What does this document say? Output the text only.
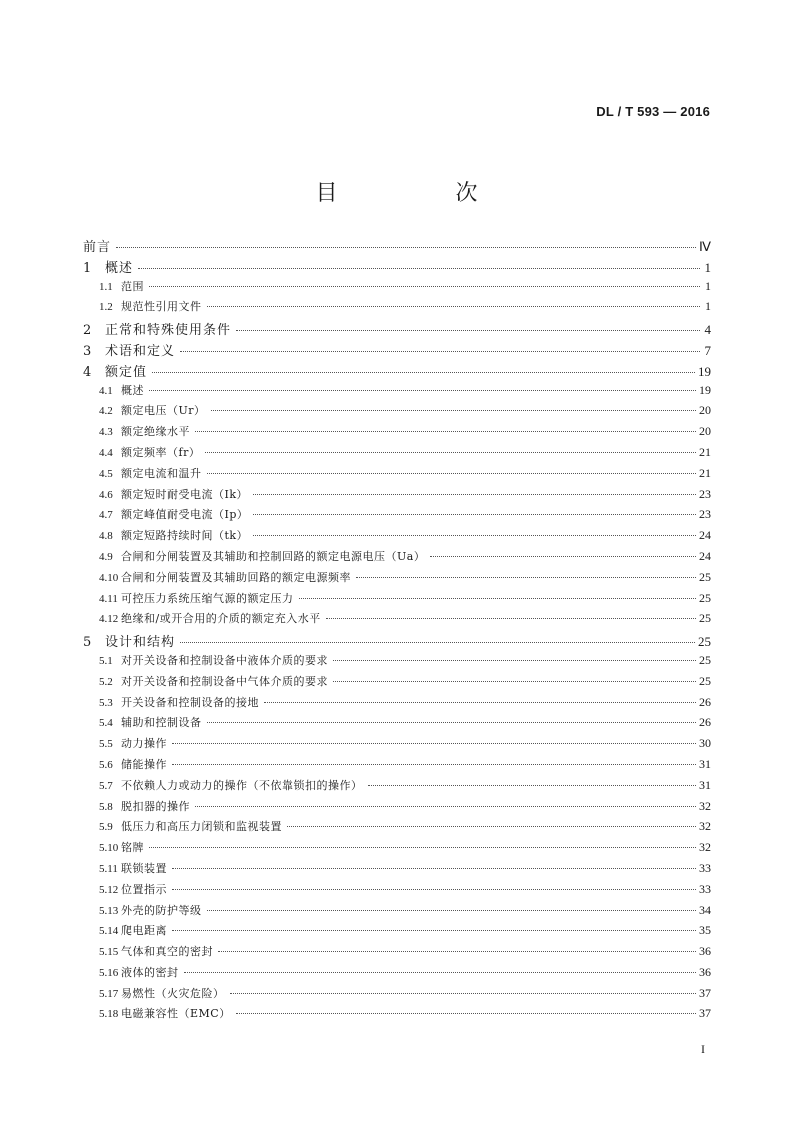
DL / T 593 — 2016
目　次
前言	Ⅳ
1	概述	1
1.1 范围	1
1.2 规范性引用文件	1
2	正常和特殊使用条件	4
3	术语和定义	7
4	额定值	19
4.1 概述	19
4.2 额定电压（Ur）	20
4.3 额定绝缘水平	20
4.4 额定频率（fr）	21
4.5 额定电流和温升	21
4.6 额定短时耐受电流（Ik）	23
4.7 额定峰值耐受电流（Ip）	23
4.8 额定短路持续时间（tk）	24
4.9 合闸和分闸装置及其辅助和控制回路的额定电源电压（Ua）	24
4.10 合闸和分闸装置及其辅助回路的额定电源频率	25
4.11 可控压力系统压缩气源的额定压力	25
4.12 绝缘和/或开合用的介质的额定充入水平	25
5	设计和结构	25
5.1 对开关设备和控制设备中液体介质的要求	25
5.2 对开关设备和控制设备中气体介质的要求	25
5.3 开关设备和控制设备的接地	26
5.4 辅助和控制设备	26
5.5 动力操作	30
5.6 储能操作	31
5.7 不依赖人力或动力的操作（不依靠锁扣的操作）	31
5.8 脱扣器的操作	32
5.9 低压力和高压力闭锁和监视装置	32
5.10 铭牌	32
5.11 联锁装置	33
5.12 位置指示	33
5.13 外壳的防护等级	34
5.14 爬电距离	35
5.15 气体和真空的密封	36
5.16 液体的密封	36
5.17 易燃性（火灾危险）	37
5.18 电磁兼容性（EMC）	37
I
